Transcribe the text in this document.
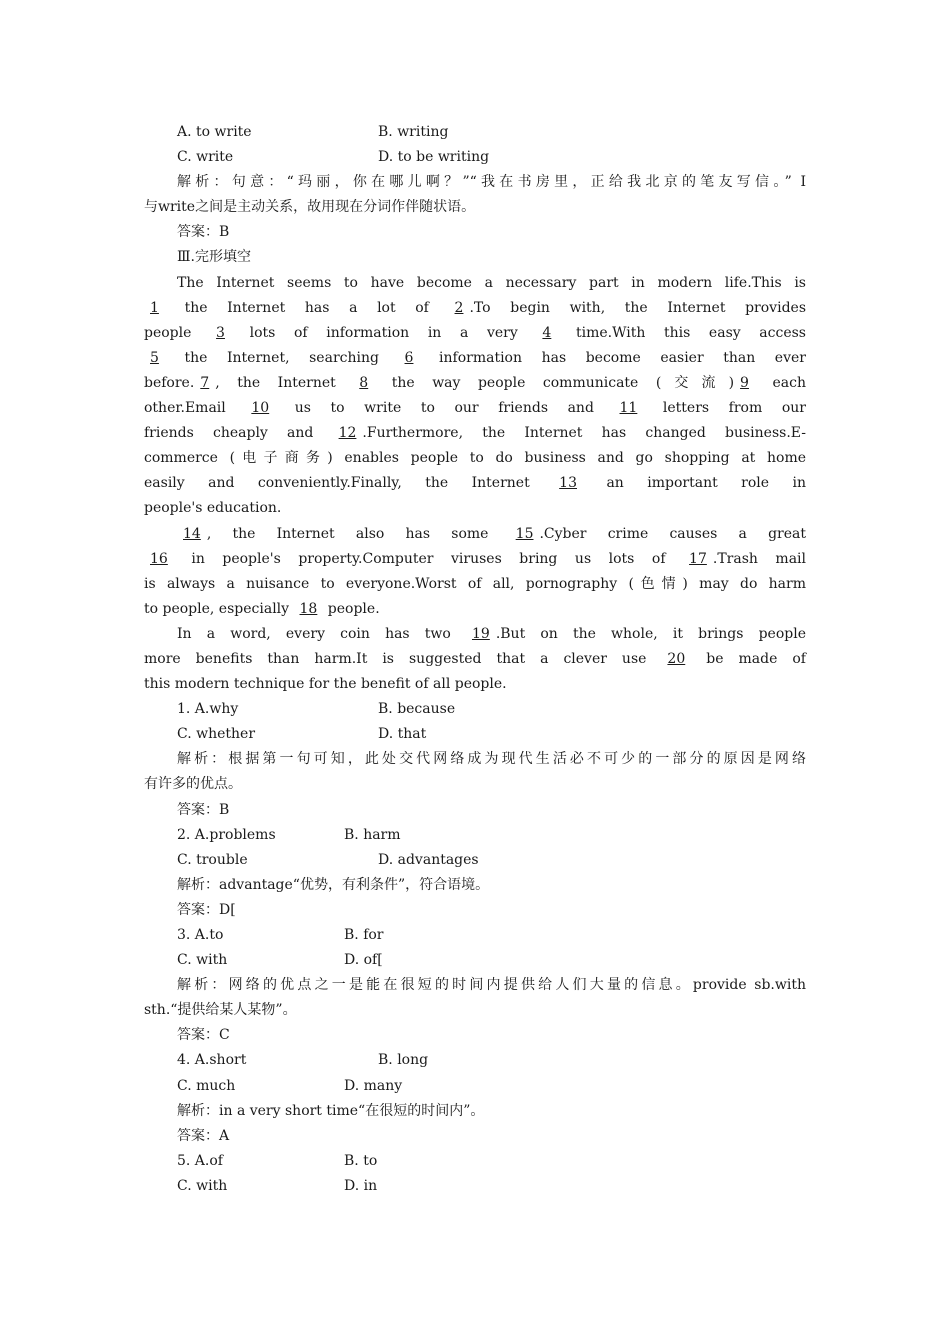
A. to write	B. writing
C. write	D. to be writing
解析：句意：“玛丽，你在哪儿啊？”“我在书房里，正给我北京的笔友写信。” I
与write之间是主动关系，故用现在分词作伴随状语。
答案：B
Ⅲ.完形填空
The Internet seems to have become a necessary part in modern life.This is
1 the Internet has a lot of 2 .To begin with, the Internet provides
people 3 lots of information in a very 4 time.With this easy access
5 the Internet, searching 6 information has become easier than ever
before. 7 , the Internet 8 the way people communicate (交流) 9 each
other.Email 10 us to write to our friends and 11 letters from our
friends cheaply and 12 .Furthermore, the Internet has changed business.E-
commerce (电子商务) enables people to do business and go shopping at home
easily and conveniently.Finally, the Internet 13 an important role in
people's education.
14 , the Internet also has some 15 .Cyber crime causes a great
16 in people's property.Computer viruses bring us lots of 17 .Trash mail
is always a nuisance to everyone.Worst of all, pornography (色情) may do harm
to people, especially 18 people.
In a word, every coin has two 19 .But on the whole, it brings people
more benefits than harm.It is suggested that a clever use 20 be made of
this modern technique for the benefit of all people.
1. A.why	B. because
C. whether	D. that
解析：根据第一句可知，此处交代网络成为现代生活必不可少的一部分的原因是网络
有许多的优点。
答案：B
2. A.problems	B. harm
C. trouble	D. advantages
解析：advantage“优势，有利条件”，符合语境。
答案：D[
3. A.to	B. for
C. with	D. of[
解析：网络的优点之一是能在很短的时间内提供给人们大量的信息。provide sb.with
sth.“提供给某人某物”。
答案：C
4. A.short	B. long
C. much	D. many
解析：in a very short time“在很短的时间内”。
答案：A
5. A.of	B. to
C. with	D. in
